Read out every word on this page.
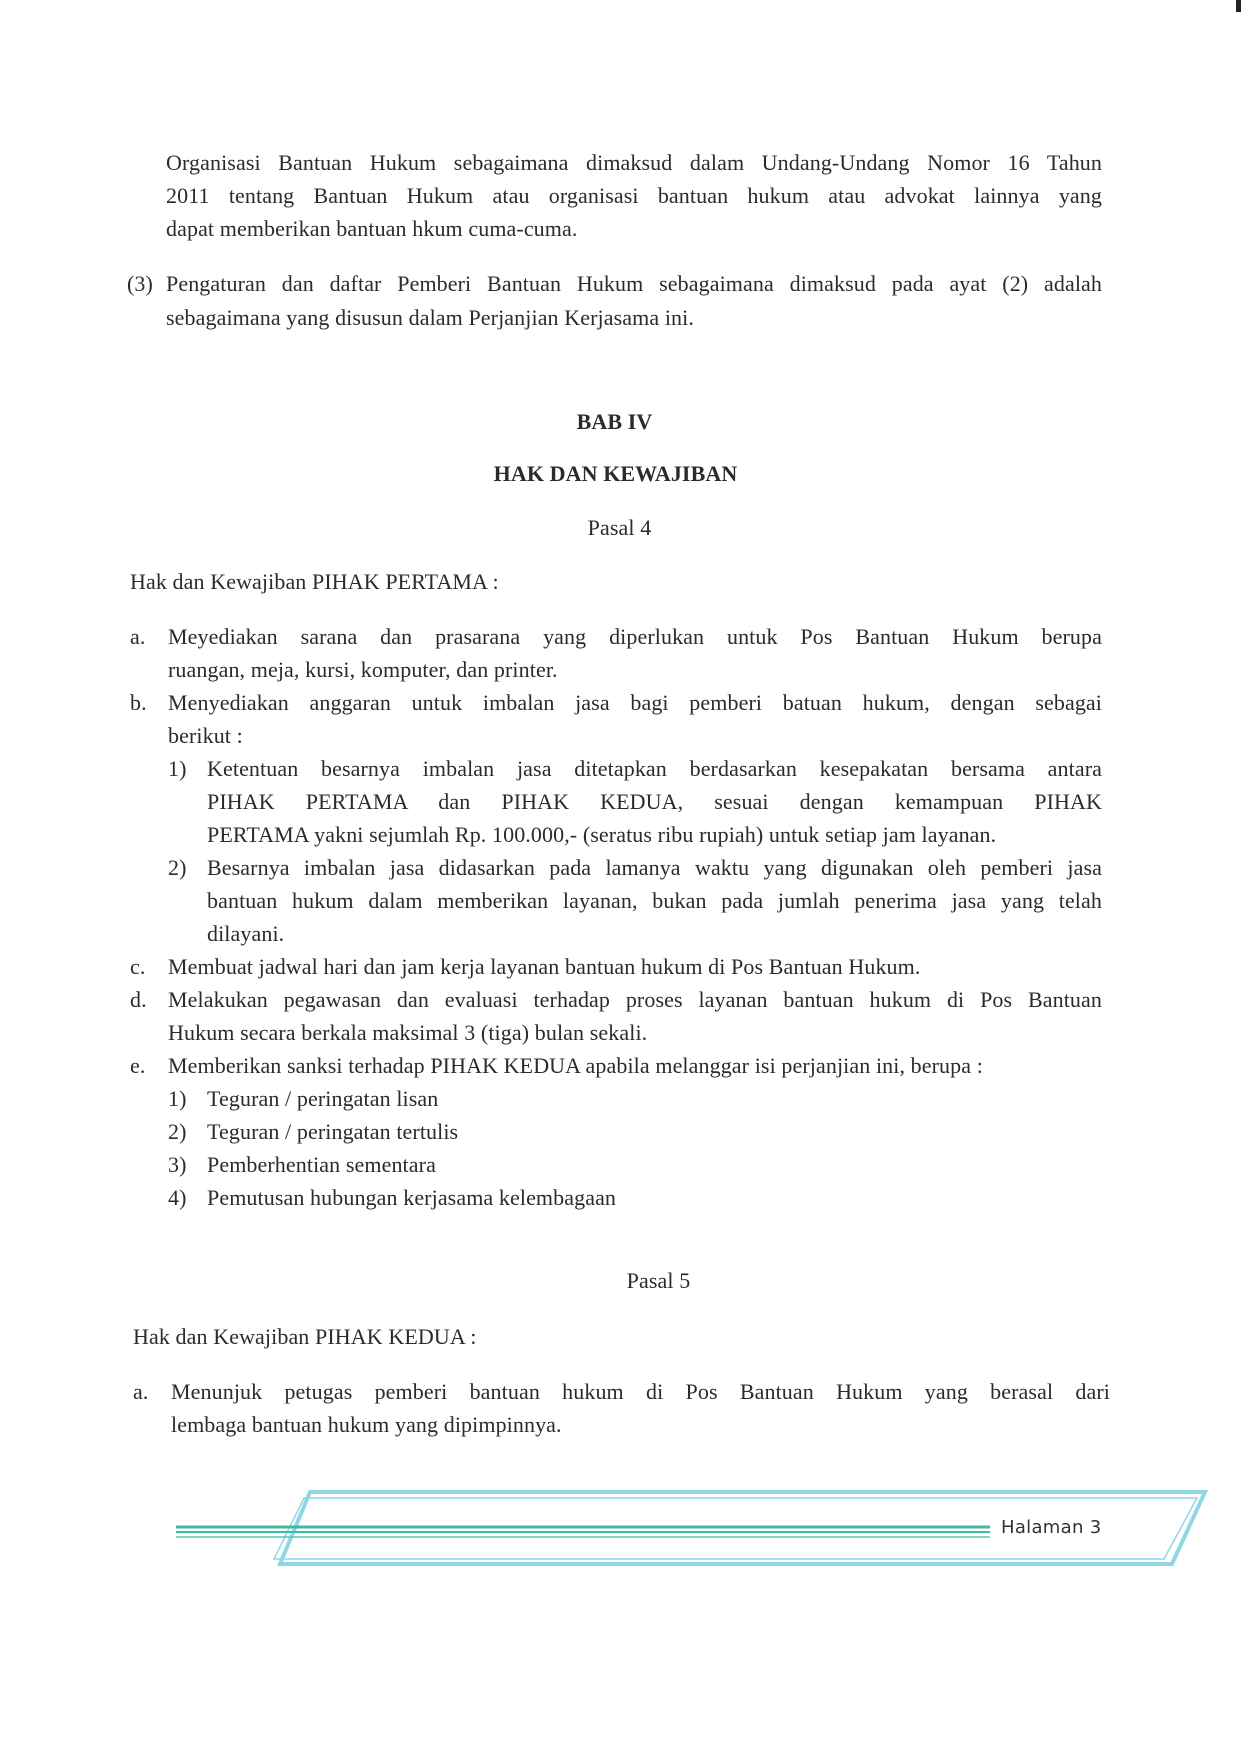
Organisasi Bantuan Hukum sebagaimana dimaksud dalam Undang-Undang Nomor 16 Tahun
2011 tentang Bantuan Hukum atau organisasi bantuan hukum atau advokat lainnya yang
dapat memberikan bantuan hkum cuma-cuma.
(3) Pengaturan dan daftar Pemberi Bantuan Hukum sebagaimana dimaksud pada ayat (2) adalah
sebagaimana yang disusun dalam Perjanjian Kerjasama ini.
BAB IV
HAK DAN KEWAJIBAN
Pasal 4
Hak dan Kewajiban PIHAK PERTAMA :
a. Meyediakan sarana dan prasarana yang diperlukan untuk Pos Bantuan Hukum berupa
ruangan, meja, kursi, komputer, dan printer.
b. Menyediakan anggaran untuk imbalan jasa bagi pemberi batuan hukum, dengan sebagai
berikut :
1) Ketentuan besarnya imbalan jasa ditetapkan berdasarkan kesepakatan bersama antara
PIHAK PERTAMA dan PIHAK KEDUA, sesuai dengan kemampuan PIHAK
PERTAMA yakni sejumlah Rp. 100.000,- (seratus ribu rupiah) untuk setiap jam layanan.
2) Besarnya imbalan jasa didasarkan pada lamanya waktu yang digunakan oleh pemberi jasa
bantuan hukum dalam memberikan layanan, bukan pada jumlah penerima jasa yang telah
dilayani.
c. Membuat jadwal hari dan jam kerja layanan bantuan hukum di Pos Bantuan Hukum.
d. Melakukan pegawasan dan evaluasi terhadap proses layanan bantuan hukum di Pos Bantuan
Hukum secara berkala maksimal 3 (tiga) bulan sekali.
e. Memberikan sanksi terhadap PIHAK KEDUA apabila melanggar isi perjanjian ini, berupa :
1) Teguran / peringatan lisan
2) Teguran / peringatan tertulis
3) Pemberhentian sementara
4) Pemutusan hubungan kerjasama kelembagaan
Pasal 5
Hak dan Kewajiban PIHAK KEDUA :
a. Menunjuk petugas pemberi bantuan hukum di Pos Bantuan Hukum yang berasal dari
lembaga bantuan hukum yang dipimpinnya.
Halaman 3
